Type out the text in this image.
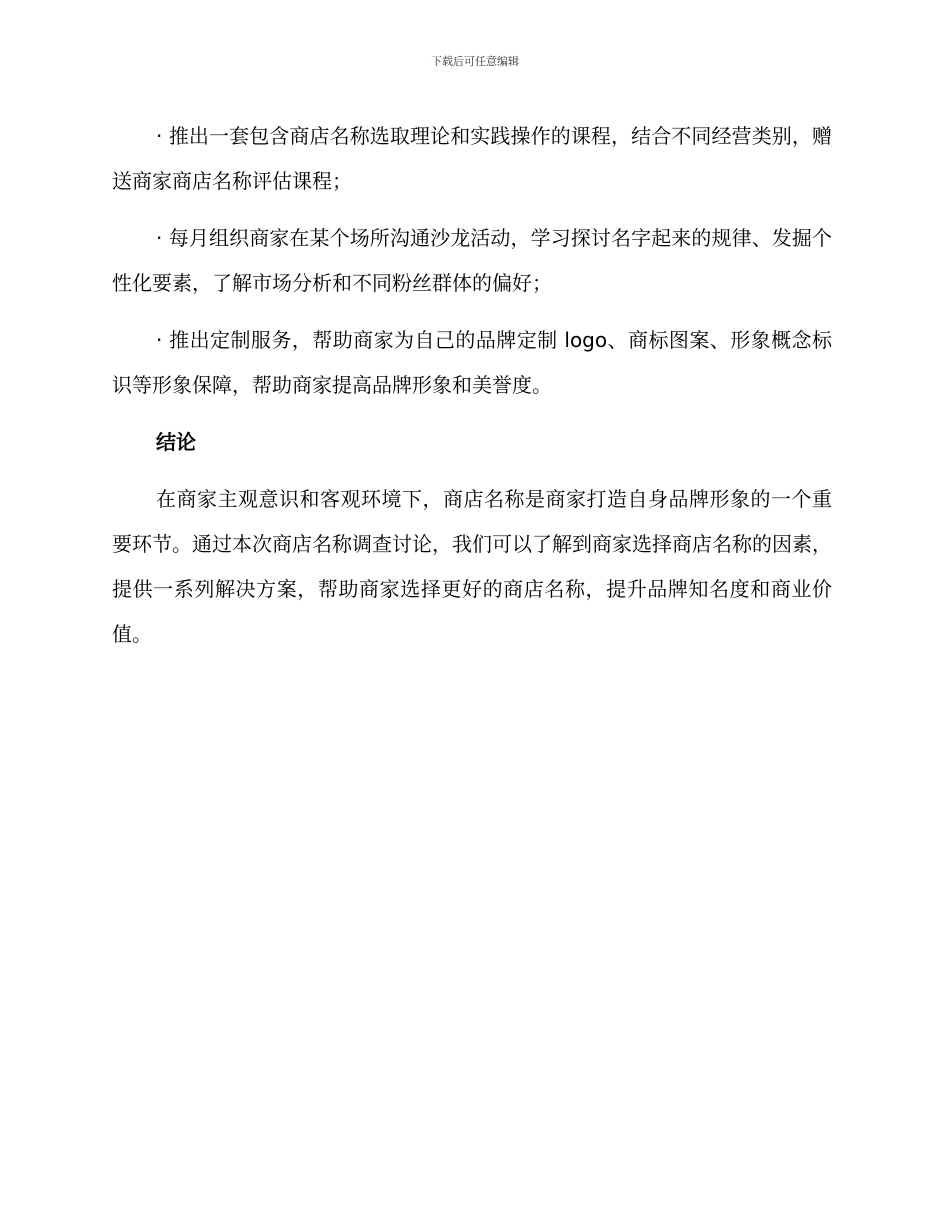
下载后可任意编辑

· 推出一套包含商店名称选取理论和实践操作的课程，结合不同经营类别，赠送商家商店名称评估课程；

· 每月组织商家在某个场所沟通沙龙活动，学习探讨名字起来的规律、发掘个性化要素，了解市场分析和不同粉丝群体的偏好；

· 推出定制服务，帮助商家为自己的品牌定制 logo、商标图案、形象概念标识等形象保障，帮助商家提高品牌形象和美誉度。

结论

在商家主观意识和客观环境下，商店名称是商家打造自身品牌形象的一个重要环节。通过本次商店名称调查讨论，我们可以了解到商家选择商店名称的因素，提供一系列解决方案，帮助商家选择更好的商店名称，提升品牌知名度和商业价值。
